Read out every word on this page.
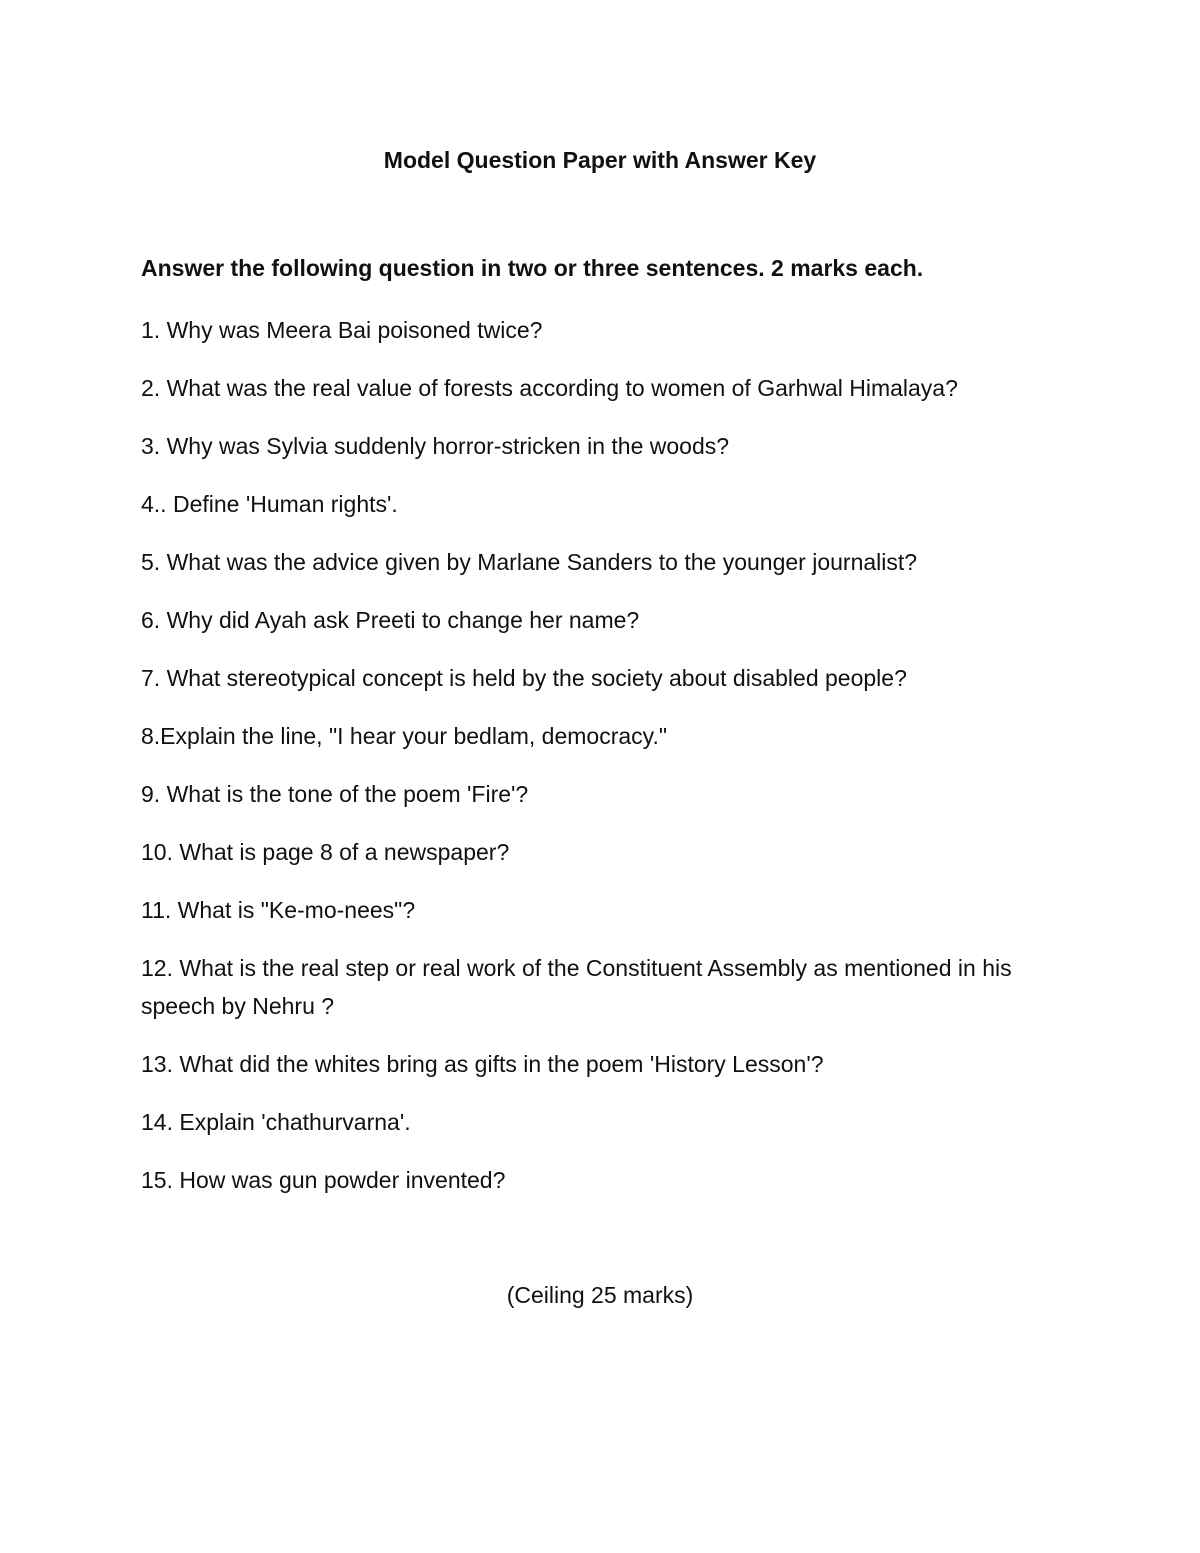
Model Question Paper with Answer Key
Answer the following question in two or three sentences. 2 marks each.
1. Why was Meera Bai poisoned twice?
2. What was the real value of forests according to women of Garhwal Himalaya?
3. Why was Sylvia suddenly horror-stricken in the woods?
4.. Define 'Human rights'.
5. What was the advice given by Marlane Sanders to the younger journalist?
6. Why did Ayah ask Preeti to change her name?
7. What stereotypical concept is held by the society about disabled people?
8.Explain the line, "I hear your bedlam, democracy."
9. What is the tone of the poem 'Fire'?
10. What is page 8 of a newspaper?
11. What is "Ke-mo-nees"?
12. What is the real step or real work of the Constituent Assembly as mentioned in his speech by Nehru ?
13. What did the whites bring as gifts in the poem 'History Lesson'?
14. Explain 'chathurvarna'.
15. How was gun powder invented?
(Ceiling 25 marks)
